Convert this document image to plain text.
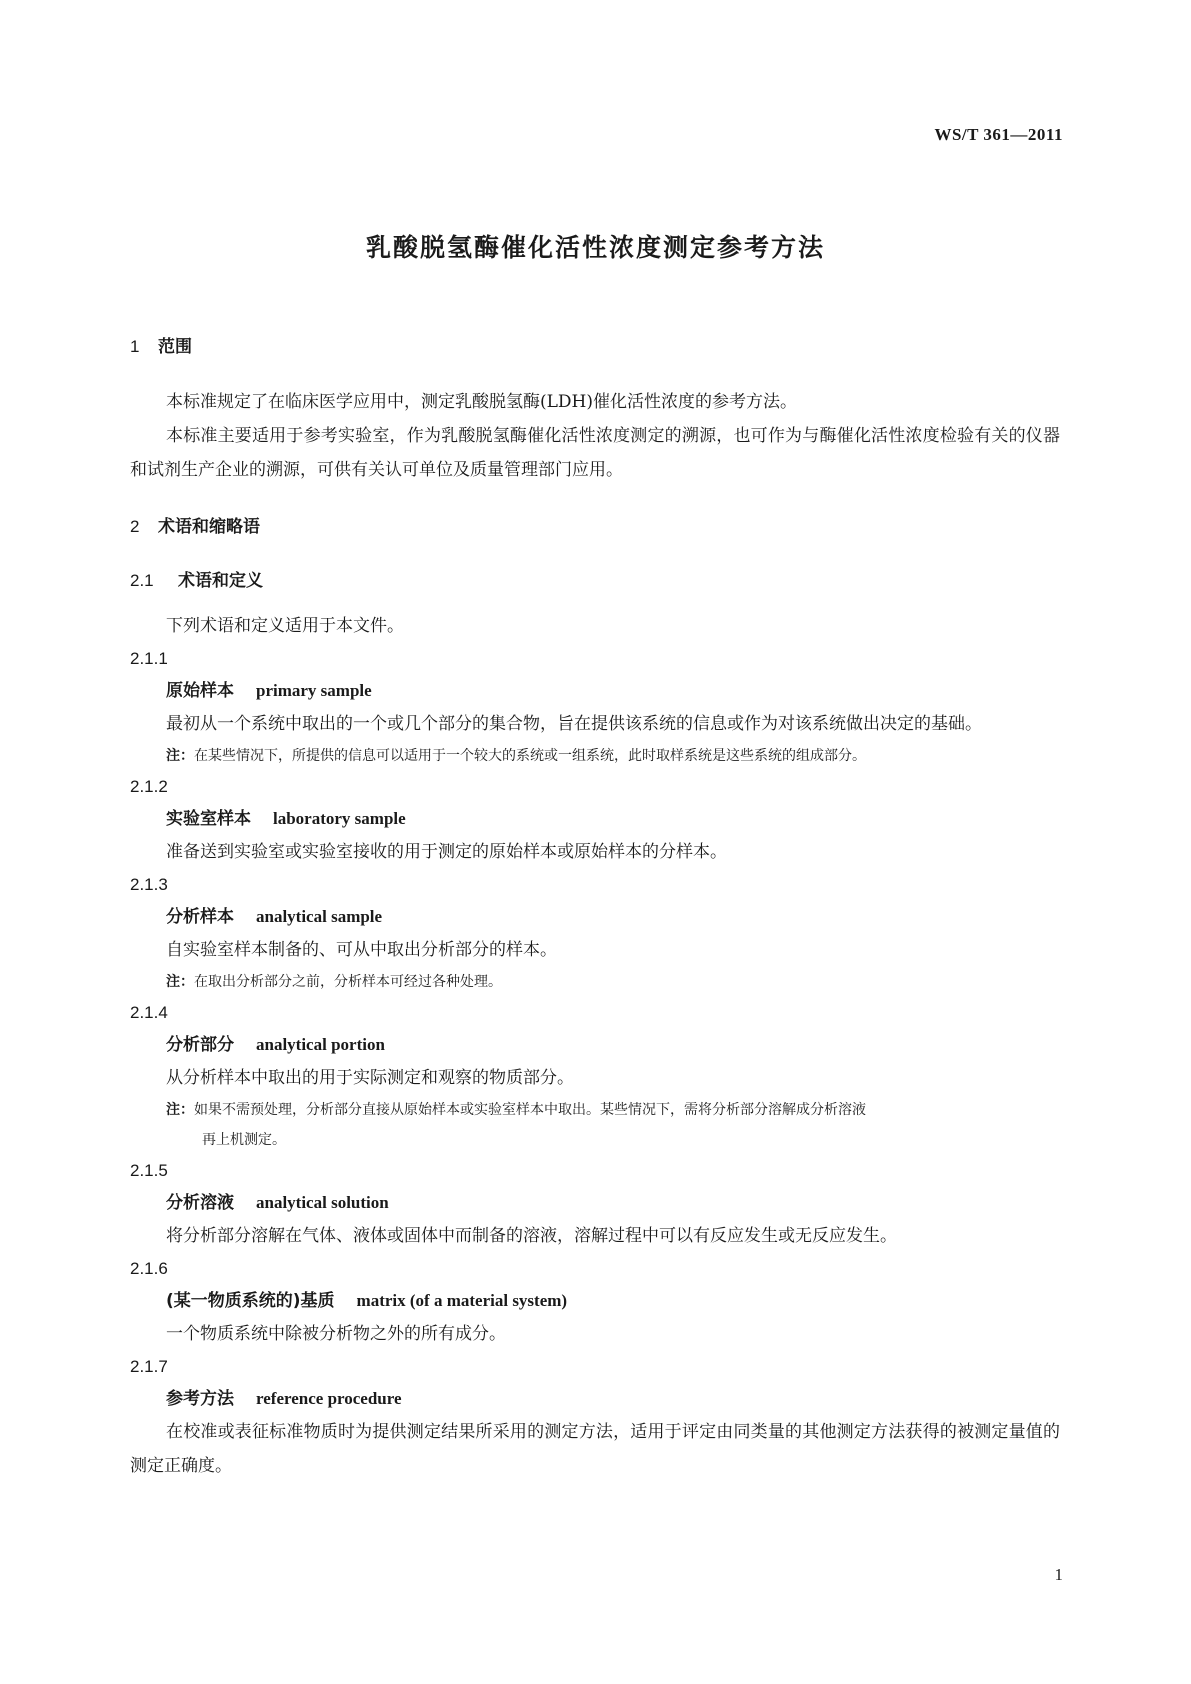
WS/T 361—2011
乳酸脱氢酶催化活性浓度测定参考方法
1 范围

本标准规定了在临床医学应用中，测定乳酸脱氢酶(LDH)催化活性浓度的参考方法。

本标准主要适用于参考实验室，作为乳酸脱氢酶催化活性浓度测定的溯源，也可作为与酶催化活性浓度检验有关的仪器和试剂生产企业的溯源，可供有关认可单位及质量管理部门应用。

2 术语和缩略语
2.1 术语和定义

下列术语和定义适用于本文件。

2.1.1
原始样本 primary sample

最初从一个系统中取出的一个或几个部分的集合物，旨在提供该系统的信息或作为对该系统做出决定的基础。

注：在某些情况下，所提供的信息可以适用于一个较大的系统或一组系统，此时取样系统是这些系统的组成部分。
2.1.2
实验室样本 laboratory sample

准备送到实验室或实验室接收的用于测定的原始样本或原始样本的分样本。

2.1.3
分析样本 analytical sample

自实验室样本制备的、可从中取出分析部分的样本。

注：在取出分析部分之前，分析样本可经过各种处理。
2.1.4
分析部分 analytical portion

从分析样本中取出的用于实际测定和观察的物质部分。

注：如果不需预处理，分析部分直接从原始样本或实验室样本中取出。某些情况下，需将分析部分溶解成分析溶液
再上机测定。
2.1.5
分析溶液 analytical solution

将分析部分溶解在气体、液体或固体中而制备的溶液，溶解过程中可以有反应发生或无反应发生。

2.1.6
(某一物质系统的)基质 matrix (of a material system)

一个物质系统中除被分析物之外的所有成分。

2.1.7
参考方法 reference procedure

在校准或表征标准物质时为提供测定结果所采用的测定方法，适用于评定由同类量的其他测定方法获得的被测定量值的测定正确度。

1
